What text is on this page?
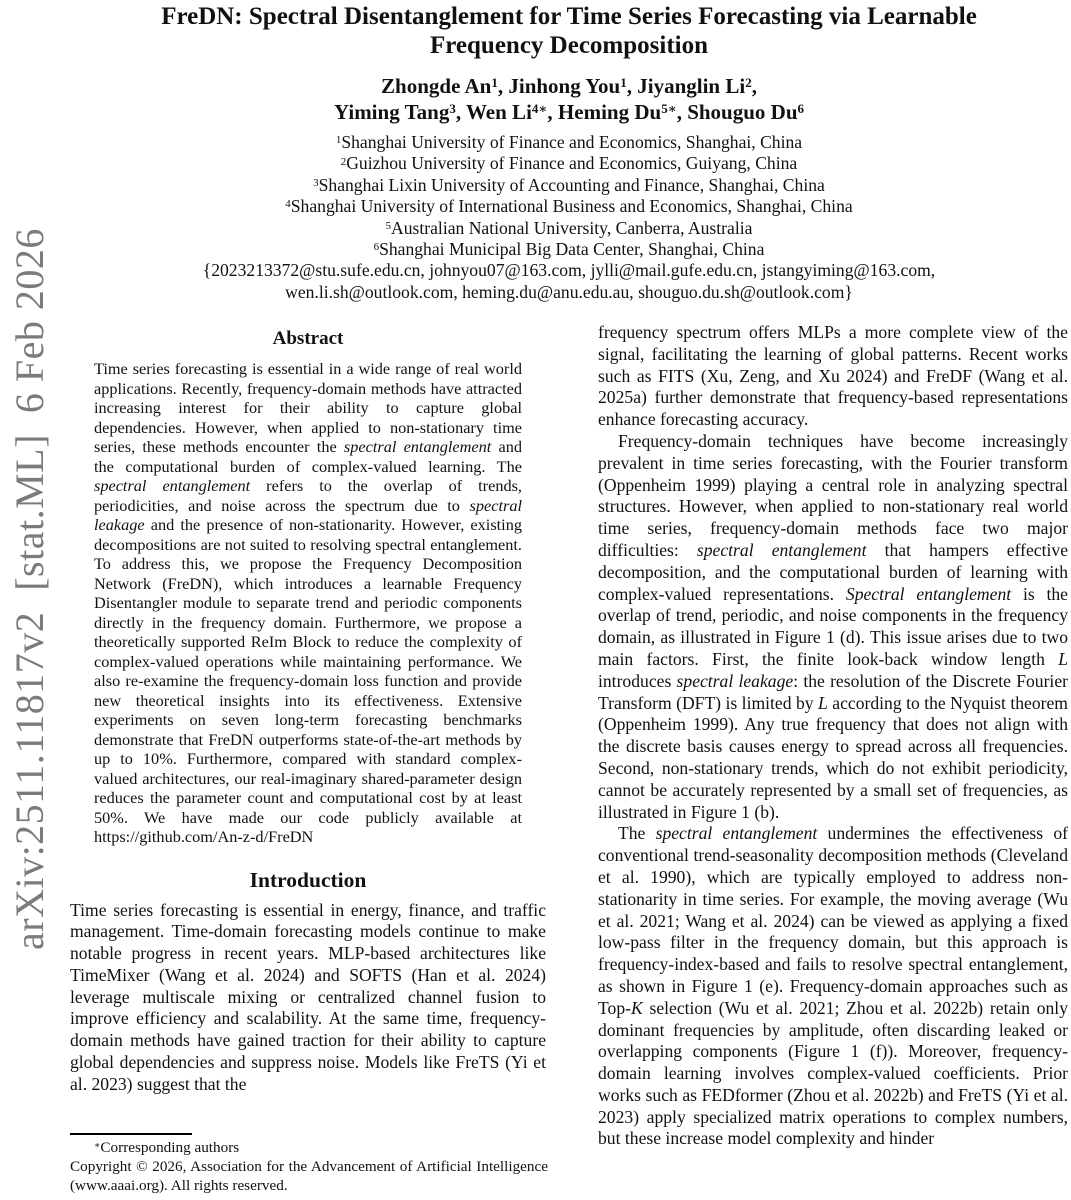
arXiv:2511.11817v2  [stat.ML]  6 Feb 2026
FreDN: Spectral Disentanglement for Time Series Forecasting via Learnable Frequency Decomposition
Zhongde An$^1$, Jinhong You$^1$, Jiyanglin Li$^2$,
Yiming Tang$^3$, Wen $Li^{4∗}$, Heming $Du^{5∗}$, Shouguo Du$^6$
$^1$Shanghai University of Finance and Economics, Shanghai, China
$^2$Guizhou University of Finance and Economics, Guiyang, China
$^3$Shanghai Lixin University of Accounting and Finance, Shanghai, China
$^4$Shanghai University of International Business and Economics, Shanghai, China
$^5$Australian National University, Canberra, Australia
$^6$Shanghai Municipal Big Data Center, Shanghai, China
{2023213372@stu.sufe.edu.cn, johnyou07@163.com, jylli@mail.gufe.edu.cn, jstangyiming@163.com,
wen.li.sh@outlook.com, heming.du@anu.edu.au, shouguo.du.sh@outlook.com}
Abstract
Time series forecasting is essential in a wide range of real world applications. Recently, frequency-domain methods have attracted increasing interest for their ability to capture global dependencies. However, when applied to non-stationary time series, these methods encounter the spectral entanglement and the computational burden of complex-valued learning. The spectral entanglement refers to the overlap of trends, periodicities, and noise across the spectrum due to spectral leakage and the presence of non-stationarity. However, existing decompositions are not suited to resolving spectral entanglement. To address this, we propose the Frequency Decomposition Network (FreDN), which introduces a learnable Frequency Disentangler module to separate trend and periodic components directly in the frequency domain. Furthermore, we propose a theoretically supported ReIm Block to reduce the complexity of complex-valued operations while maintaining performance. We also re-examine the frequency-domain loss function and provide new theoretical insights into its effectiveness. Extensive experiments on seven long-term forecasting benchmarks demonstrate that FreDN outperforms state-of-the-art methods by up to 10%. Furthermore, compared with standard complex-valued architectures, our real-imaginary shared-parameter design reduces the parameter count and computational cost by at least 50%. We have made our code publicly available at https://github.com/An-z-d/FreDN
Introduction

Time series forecasting is essential in energy, finance, and traffic management. Time-domain forecasting models continue to make notable progress in recent years. MLP-based architectures like TimeMixer (Wang et al. 2024) and SOFTS (Han et al. 2024) leverage multiscale mixing or centralized channel fusion to improve efficiency and scalability. At the same time, frequency-domain methods have gained traction for their ability to capture global dependencies and suppress noise. Models like FreTS (Yi et al. 2023) suggest that the

frequency spectrum offers MLPs a more complete view of the signal, facilitating the learning of global patterns. Recent works such as FITS (Xu, Zeng, and Xu 2024) and FreDF (Wang et al. 2025a) further demonstrate that frequency-based representations enhance forecasting accuracy.

Frequency-domain techniques have become increasingly prevalent in time series forecasting, with the Fourier transform (Oppenheim 1999) playing a central role in analyzing spectral structures. However, when applied to non-stationary real world time series, frequency-domain methods face two major difficulties: spectral entanglement that hampers effective decomposition, and the computational burden of learning with complex-valued representations. Spectral entanglement is the overlap of trend, periodic, and noise components in the frequency domain, as illustrated in Figure 1 (d). This issue arises due to two main factors. First, the finite look-back window length L introduces spectral leakage: the resolution of the Discrete Fourier Transform (DFT) is limited by L according to the Nyquist theorem (Oppenheim 1999). Any true frequency that does not align with the discrete basis causes energy to spread across all frequencies. Second, non-stationary trends, which do not exhibit periodicity, cannot be accurately represented by a small set of frequencies, as illustrated in Figure 1 (b).

The spectral entanglement undermines the effectiveness of conventional trend-seasonality decomposition methods (Cleveland et al. 1990), which are typically employed to address non-stationarity in time series. For example, the moving average (Wu et al. 2021; Wang et al. 2024) can be viewed as applying a fixed low-pass filter in the frequency domain, but this approach is frequency-index-based and fails to resolve spectral entanglement, as shown in Figure 1 (e). Frequency-domain approaches such as Top-K selection (Wu et al. 2021; Zhou et al. 2022b) retain only dominant frequencies by amplitude, often discarding leaked or overlapping components (Figure 1 (f)). Moreover, frequency-domain learning involves complex-valued coefficients. Prior works such as FEDformer (Zhou et al. 2022b) and FreTS (Yi et al. 2023) apply specialized matrix operations to complex numbers, but these increase model complexity and hinder

∗Corresponding authors
Copyright © 2026, Association for the Advancement of Artificial Intelligence (www.aaai.org). All rights reserved.
